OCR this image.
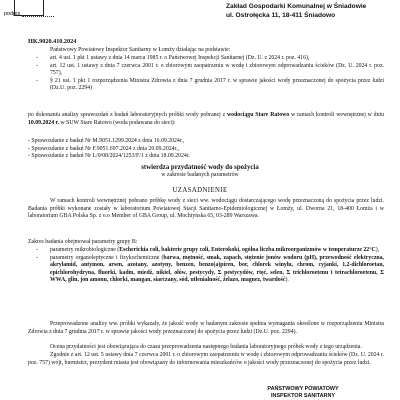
podpis
Zakład Gospodarki Komunalnej w Śniadowie
ul. Ostrołęcka 11, 18-411 Śniadowo
HK.9020.410.2024
Państwowy Powiatowy Inspektor Sanitarny w Łomży działając na podstawie:
- art. 4 ust. 1 pkt 1 ustawy z dnia 14 marca 1985 r. o Państwowej Inspekcji Sanitarnej (Dz. U. z 2024 r. poz. 416),
- art. 12 ust. 1 ustawy z dnia 7 czerwca 2001 r. o zbiorowym zaopatrzeniu w wodę i zbiorowym odprowadzaniu ścieków (Dz. U. 2024 r. poz. 757),
- § 21 ust. 1 pkt 1 rozporządzenia Ministra Zdrowia z dnia 7 grudnia 2017 r. w sprawie jakości wody przeznaczonej do spożycia przez ludzi (Dz.U. poz. 2294)
po dokonaniu analizy sprawozdań z badań laboratoryjnych próbki wody pobranej z wodociągu Stare Ratowo w ramach kontroli wewnętrznej w dniu 10.09.2024 r. w SUW Stare Ratowo (woda podawana do sieci):
- Sprawozdanie z badań Nr M.9051.1299.2024 z dnia 16.09.2024r.,
- Sprawozdanie z badań Nr F.9051.697.2024 z dnia 20.09.2024r.,
- Sprawozdanie z badań Nr L/0/08/2024/1253/F/1 z dnia 18.09.2024r.
stwierdza przydatność wody do spożycia
w zakresie badanych parametrów
UZASADNIENIE
W ramach kontroli wewnętrznej pobrano próbkę wody z sieci ww. wodociągu dostarczającego wodę przeznaczoną do spożycia przez ludzi. Badania próbki wykonane zostały w laboratorium Powiatowej Stacji Sanitarno-Epidemiologicznej w Łomży, ul. Dworna 21, 18-400 Łomża i w laboratorium GBA Polska Sp. z o.o Member of GBA Group, ul. Mochtyńska 65, 03-289 Warszawa.
Zakres badania obejmował parametry grupy B:
- parametry mikrobiologiczne (Escherichia coli, bakterie grupy coli, Enterokoki, ogólna liczba mikroorganizmów w temperaturze 22°C),
- parametry organoleptyczne i fizykochemiczne (barwa, mętność, smak, zapach, stężenie jonów wodoru (pH), przewodność elektryczna, akrylamid, antymon, arsen, azotany, azotyny, benzen, benzo(a)piren, bor, chlorek winylu, chrom, cyjanki, 1,2-dichloroetan, epichlorohydryna, fluorki, kadm, miedź, nikiel, ołów, pestycydy, Σ pestycydów, rtęć, selen, Σ trichloroetenu i tetrachloroetenu, Σ WWA, glin, jon amonu, chlorki, mangan, siarczany, sód, utlenialność, żelazo, magnez, twardość).
Przeprowadzone analizy ww. próbki wykazały, że jakość wody w badanym zakresie spełnia wymagania określone w rozporządzeniu Ministra Zdrowia z dnia 7 grudnia 2017 r. w sprawie jakości wody przeznaczonej do spożycia przez ludzi (Dz.U. poz. 2294).
Ocena przydatności jest obowiązująca do czasu przeprowadzenia następnego badania laboratoryjnego próbek wody z tego urządzenia.
Zgodnie z art. 12 ust. 5 ustawy dnia 7 czerwca 2001 r. o zbiorowym zaopatrzeniu w wodę i zbiorowym odprowadzaniu ścieków (Dz. U. 2024 r. poz. 757) wójt, burmistrz, prezydent miasta jest obowiązany do informowania mieszkańców o jakości wody przeznaczonej do spożycia przez ludzi.
PAŃSTWOWY POWIATOWY
INSPEKTOR SANITARNY
